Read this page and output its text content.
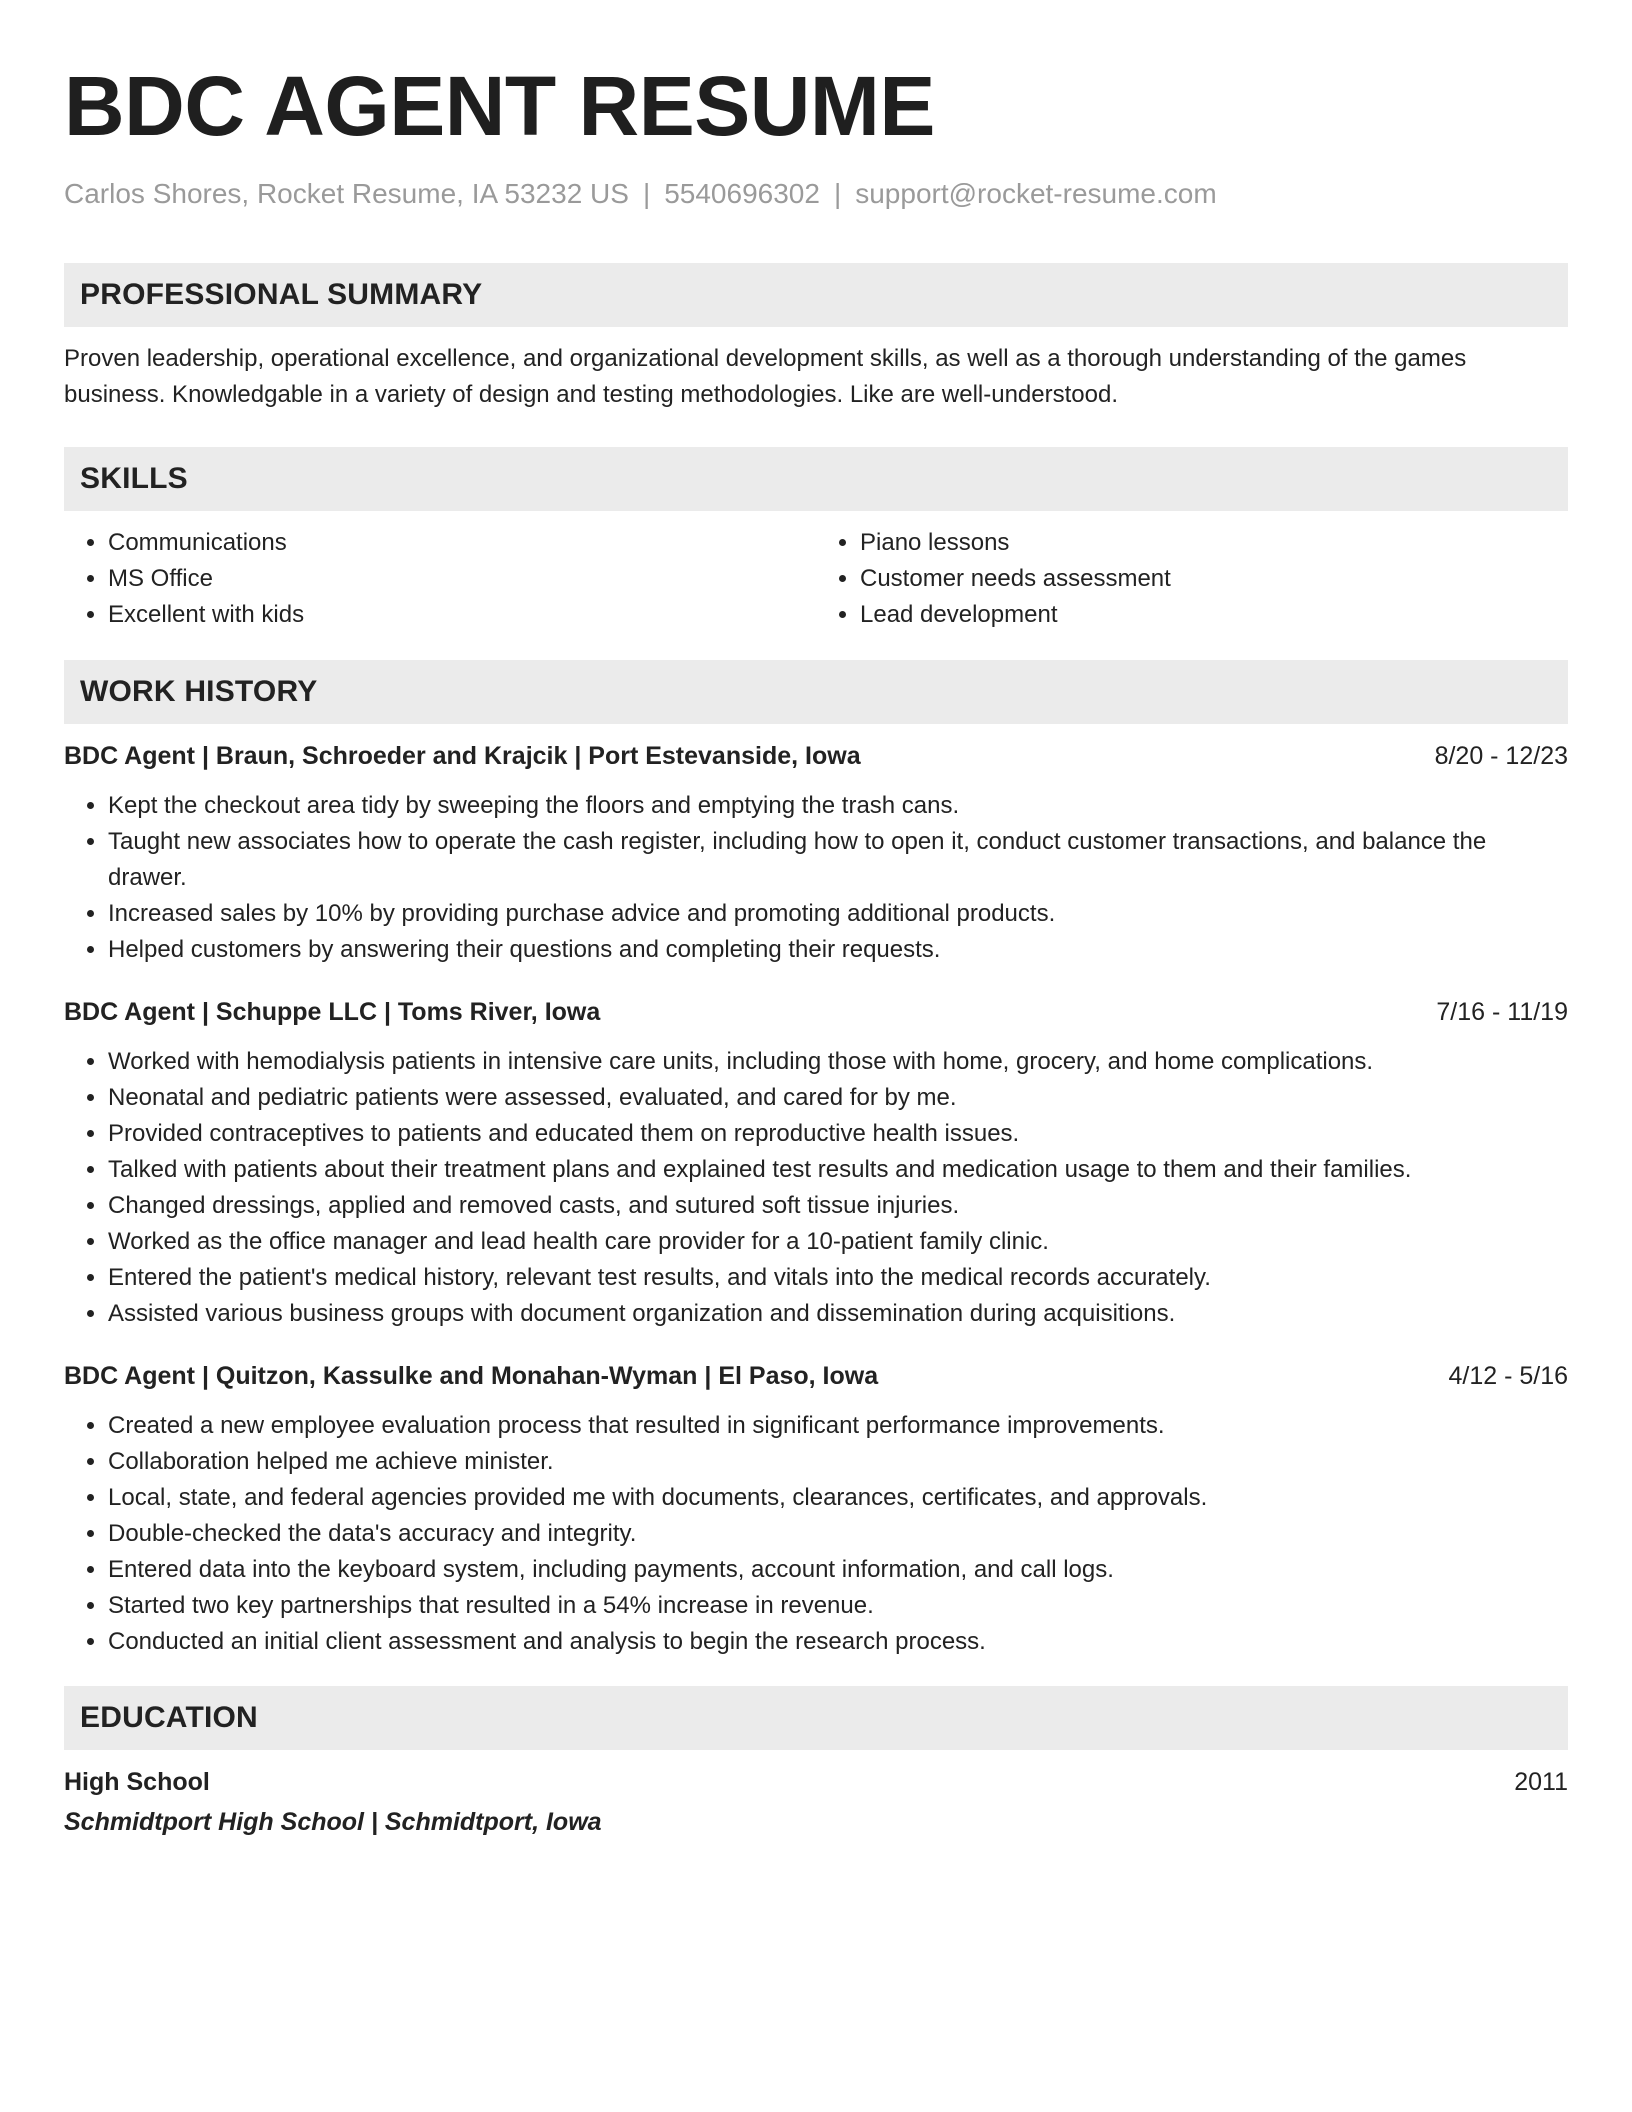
BDC AGENT RESUME
Carlos Shores, Rocket Resume, IA 53232 US | 5540696302 | support@rocket-resume.com
PROFESSIONAL SUMMARY
Proven leadership, operational excellence, and organizational development skills, as well as a thorough understanding of the games business. Knowledgable in a variety of design and testing methodologies. Like are well-understood.
SKILLS
• Communications
• MS Office
• Excellent with kids
• Piano lessons
• Customer needs assessment
• Lead development
WORK HISTORY
BDC Agent | Braun, Schroeder and Krajcik | Port Estevanside, Iowa	8/20 - 12/23
• Kept the checkout area tidy by sweeping the floors and emptying the trash cans.
• Taught new associates how to operate the cash register, including how to open it, conduct customer transactions, and balance the drawer.
• Increased sales by 10% by providing purchase advice and promoting additional products.
• Helped customers by answering their questions and completing their requests.
BDC Agent | Schuppe LLC | Toms River, Iowa	7/16 - 11/19
• Worked with hemodialysis patients in intensive care units, including those with home, grocery, and home complications.
• Neonatal and pediatric patients were assessed, evaluated, and cared for by me.
• Provided contraceptives to patients and educated them on reproductive health issues.
• Talked with patients about their treatment plans and explained test results and medication usage to them and their families.
• Changed dressings, applied and removed casts, and sutured soft tissue injuries.
• Worked as the office manager and lead health care provider for a 10-patient family clinic.
• Entered the patient's medical history, relevant test results, and vitals into the medical records accurately.
• Assisted various business groups with document organization and dissemination during acquisitions.
BDC Agent | Quitzon, Kassulke and Monahan-Wyman | El Paso, Iowa	4/12 - 5/16
• Created a new employee evaluation process that resulted in significant performance improvements.
• Collaboration helped me achieve minister.
• Local, state, and federal agencies provided me with documents, clearances, certificates, and approvals.
• Double-checked the data's accuracy and integrity.
• Entered data into the keyboard system, including payments, account information, and call logs.
• Started two key partnerships that resulted in a 54% increase in revenue.
• Conducted an initial client assessment and analysis to begin the research process.
EDUCATION
High School	2011
Schmidtport High School | Schmidtport, Iowa
